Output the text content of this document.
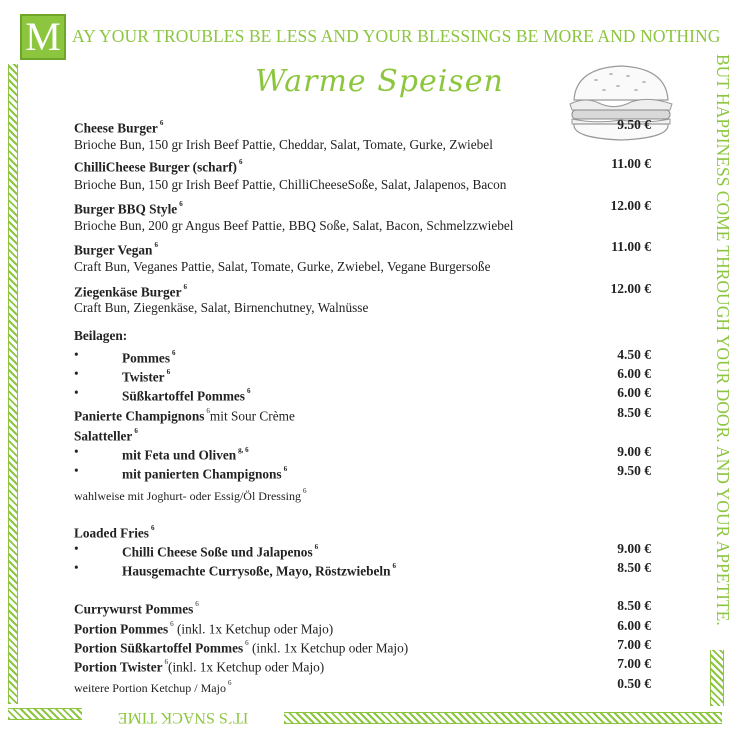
M AY YOUR TROUBLES BE LESS AND YOUR BLESSINGS BE MORE AND NOTHING
BUT HAPPINESS COME THROUGH YOUR DOOR. AND YOUR APPETITE.
IT´S SNACK TIME
Warme Speisen
Cheese Burger $^6$	9.50 €
Brioche Bun, 150 gr Irish Beef Pattie, Cheddar, Salat, Tomate, Gurke, Zwiebel
ChilliCheese Burger (scharf) $^6$	11.00 €
Brioche Bun, 150 gr Irish Beef Pattie, ChilliCheeseSoße, Salat, Jalapenos, Bacon
Burger BBQ Style $^6$	12.00 €
Brioche Bun, 200 gr Angus Beef Pattie, BBQ Soße, Salat, Bacon, Schmelzzwiebel
Burger Vegan $^6$	11.00 €
Craft Bun, Veganes Pattie, Salat, Tomate, Gurke, Zwiebel, Vegane Burgersoße
Ziegenkäse Burger $^6$	12.00 €
Craft Bun, Ziegenkäse, Salat, Birnenchutney, Walnüsse
Beilagen:
•	Pommes $^6$	4.50 €
•	Twister $^6$	6.00 €
•	Süßkartoffel Pommes $^6$	6.00 €
Panierte Champignons $^6$mit Sour Crème	8.50 €
Salatteller $^6$
•	mit Feta und Oliven $^{g, 6}$	9.00 €
•	mit panierten Champignons $^6$	9.50 €
wahlweise mit Joghurt- oder Essig/Öl Dressing $^6$
Loaded Fries $^6$
•	Chilli Cheese Soße und Jalapenos $^6$	9.00 €
•	Hausgemachte Currysoße, Mayo, Röstzwiebeln $^6$	8.50 €
Currywurst Pommes $^6$	8.50 €
Portion Pommes $^6$ (inkl. 1x Ketchup oder Majo)	6.00 €
Portion Süßkartoffel Pommes $^6$ (inkl. 1x Ketchup oder Majo)	7.00 €
Portion Twister $^6$(inkl. 1x Ketchup oder Majo)	7.00 €
weitere Portion Ketchup / Majo $^6$	0.50 €
